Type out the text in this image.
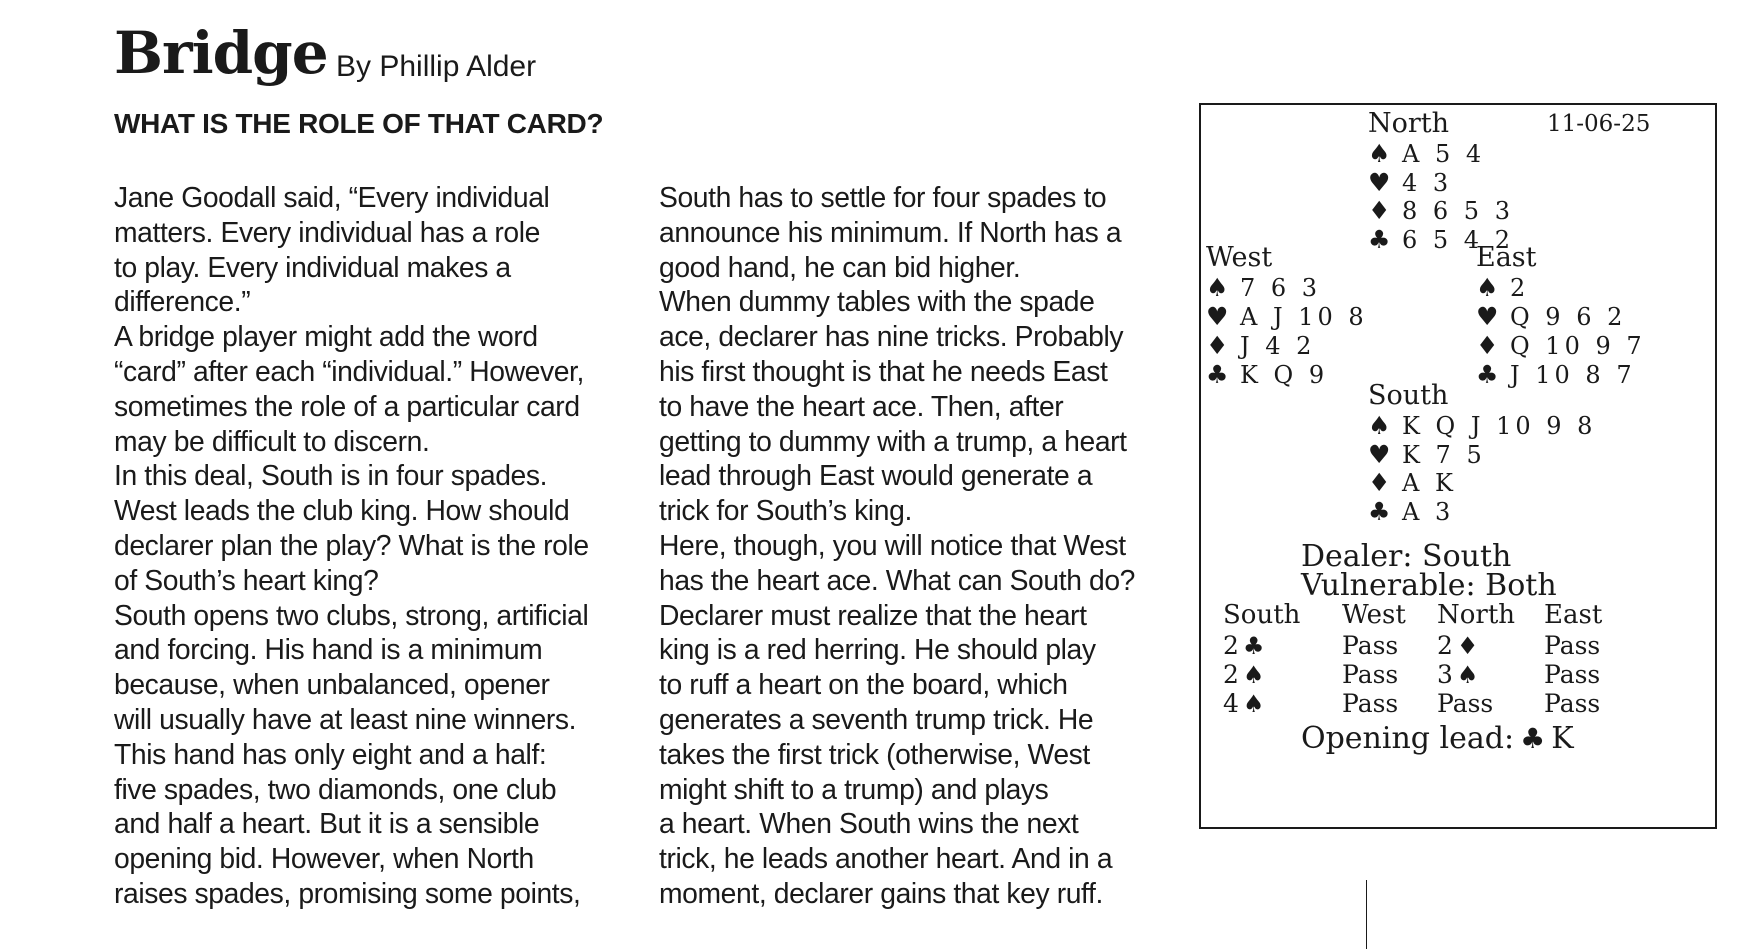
Bridge By Phillip Alder
WHAT IS THE ROLE OF THAT CARD?
Jane Goodall said, “Every individual
matters. Every individual has a role
to play. Every individual makes a
difference.”
A bridge player might add the word
“card” after each “individual.” However,
sometimes the role of a particular card
may be difficult to discern.
In this deal, South is in four spades.
West leads the club king. How should
declarer plan the play? What is the role
of South’s heart king?
South opens two clubs, strong, artificial
and forcing. His hand is a minimum
because, when unbalanced, opener
will usually have at least nine winners.
This hand has only eight and a half:
five spades, two diamonds, one club
and half a heart. But it is a sensible
opening bid. However, when North
raises spades, promising some points,
South has to settle for four spades to
announce his minimum. If North has a
good hand, he can bid higher.
When dummy tables with the spade
ace, declarer has nine tricks. Probably
his first thought is that he needs East
to have the heart ace. Then, after
getting to dummy with a trump, a heart
lead through East would generate a
trick for South’s king.
Here, though, you will notice that West
has the heart ace. What can South do?
Declarer must realize that the heart
king is a red herring. He should play
to ruff a heart on the board, which
generates a seventh trump trick. He
takes the first trick (otherwise, West
might shift to a trump) and plays
a heart. When South wins the next
trick, he leads another heart. And in a
moment, declarer gains that key ruff.
11-06-25
Dealer: South
Vulnerable: Both
Opening lead: ♣ K
North
♠ A 5 4
♥ 4 3
♦ 8 6 5 3
♣ 6 5 4 2
West
♠ 7 6 3
♥ A J 10 8
♦ J 4 2
♣ K Q 9
East
♠ 2
♥ Q 9 6 2
♦ Q 10 9 7
♣ J 10 8 7
South
♠ K Q J 10 9 8
♥ K 7 5
♦ A K
♣ A 3
South West North East
2 ♣	Pass 2 ♦	Pass
2 ♠	Pass 3 ♠	Pass
4 ♠	Pass Pass Pass
